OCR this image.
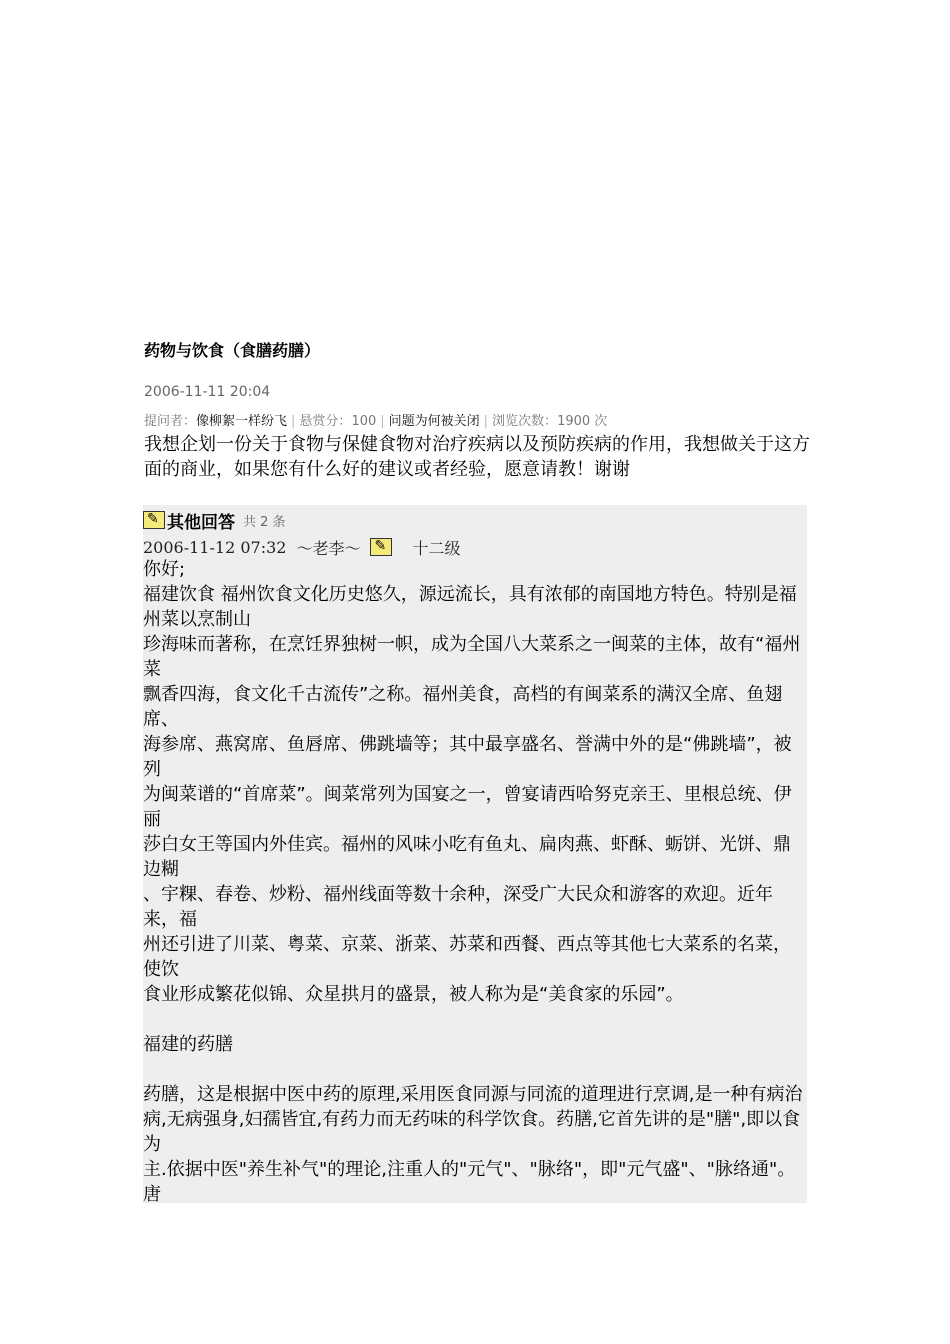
药物与饮食（食膳药膳）
2006-11-11 20:04
提问者：像柳絮一样纷飞 | 悬赏分：100 | 问题为何被关闭 | 浏览次数：1900 次
我想企划一份关于食物与保健食物对治疗疾病以及预防疾病的作用，我想做关于这方面的商业，如果您有什么好的建议或者经验，愿意请教！谢谢
✎
其他回答 共 2 条
2006-11-12 07:32 ～老李～
✎	十二级

你好;

福建饮食 福州饮食文化历史悠久，源远流长，具有浓郁的南国地方特色。特别是福州菜以烹制山

珍海味而著称，在烹饪界独树一帜，成为全国八大菜系之一闽菜的主体，故有“福州菜

飘香四海，食文化千古流传”之称。福州美食，高档的有闽菜系的满汉全席、鱼翅席、

海参席、燕窝席、鱼唇席、佛跳墙等；其中最享盛名、誉满中外的是“佛跳墙”，被列

为闽菜谱的“首席菜”。闽菜常列为国宴之一，曾宴请西哈努克亲王、里根总统、伊丽

莎白女王等国内外佳宾。福州的风味小吃有鱼丸、扁肉燕、虾酥、蛎饼、光饼、鼎边糊

、宇粿、春卷、炒粉、福州线面等数十余种，深受广大民众和游客的欢迎。近年来，福

州还引进了川菜、粤菜、京菜、浙菜、苏菜和西餐、西点等其他七大菜系的名菜，使饮

食业形成繁花似锦、众星拱月的盛景，被人称为是“美食家的乐园”。

福建的药膳

药膳，这是根据中医中药的原理,采用医食同源与同流的道理进行烹调,是一种有病治病,无病强身,妇孺皆宜,有药力而无药味的科学饮食。药膳,它首先讲的是"膳",即以食为

主.依据中医"养生补气"的理论,注重人的"元气"、"脉络"，即"元气盛"、"脉络通"。唐
